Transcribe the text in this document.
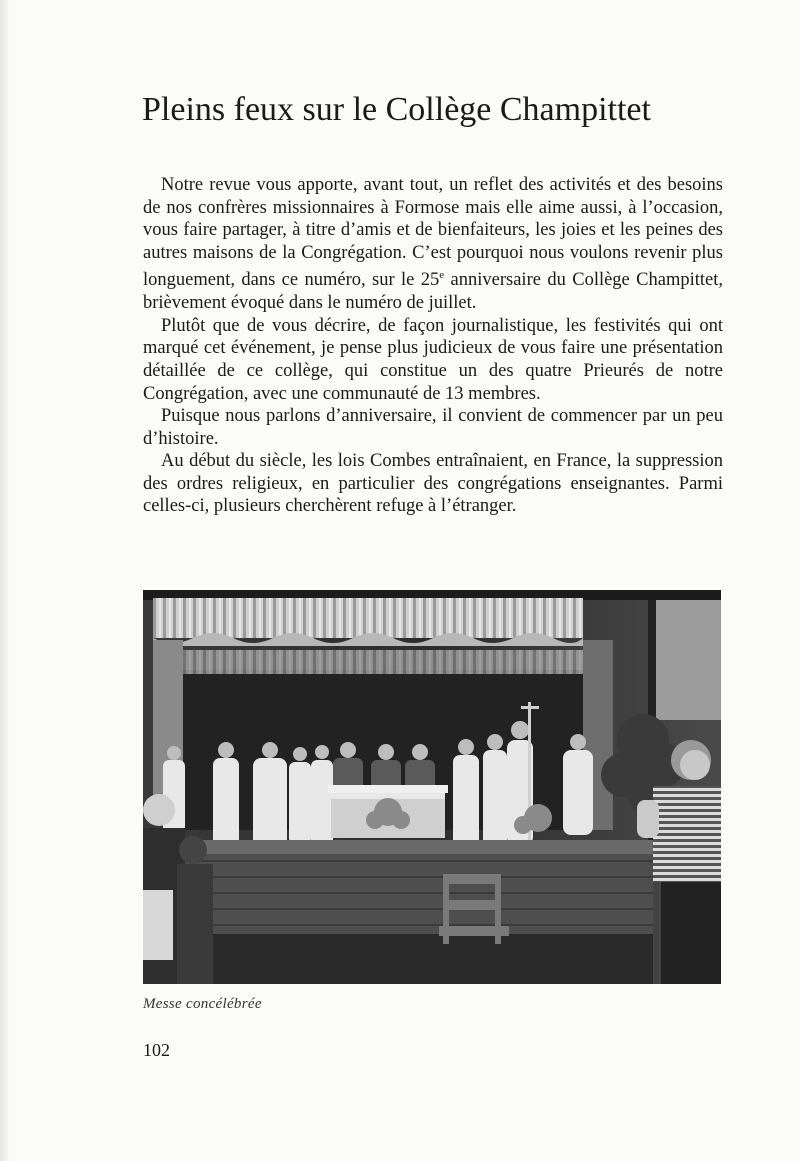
Pleins feux sur le Collège Champittet

Notre revue vous apporte, avant tout, un reflet des activités et des besoins de nos confrères missionnaires à Formose mais elle aime aussi, à l’occasion, vous faire partager, à titre d’amis et de bienfaiteurs, les joies et les peines des autres maisons de la Congrégation. C’est pourquoi nous voulons revenir plus longuement, dans ce numéro, sur le 25e anniversaire du Collège Champittet, brièvement évoqué dans le numéro de juillet.

Plutôt que de vous décrire, de façon journalistique, les festivités qui ont marqué cet événement, je pense plus judicieux de vous faire une présentation détaillée de ce collège, qui constitue un des quatre Prieurés de notre Congrégation, avec une communauté de 13 membres.

Puisque nous parlons d’anniversaire, il convient de commencer par un peu d’histoire.

Au début du siècle, les lois Combes entraînaient, en France, la suppression des ordres religieux, en particulier des congrégations enseignantes. Parmi celles-ci, plusieurs cherchèrent refuge à l’étranger.

Messe concélébrée
102
